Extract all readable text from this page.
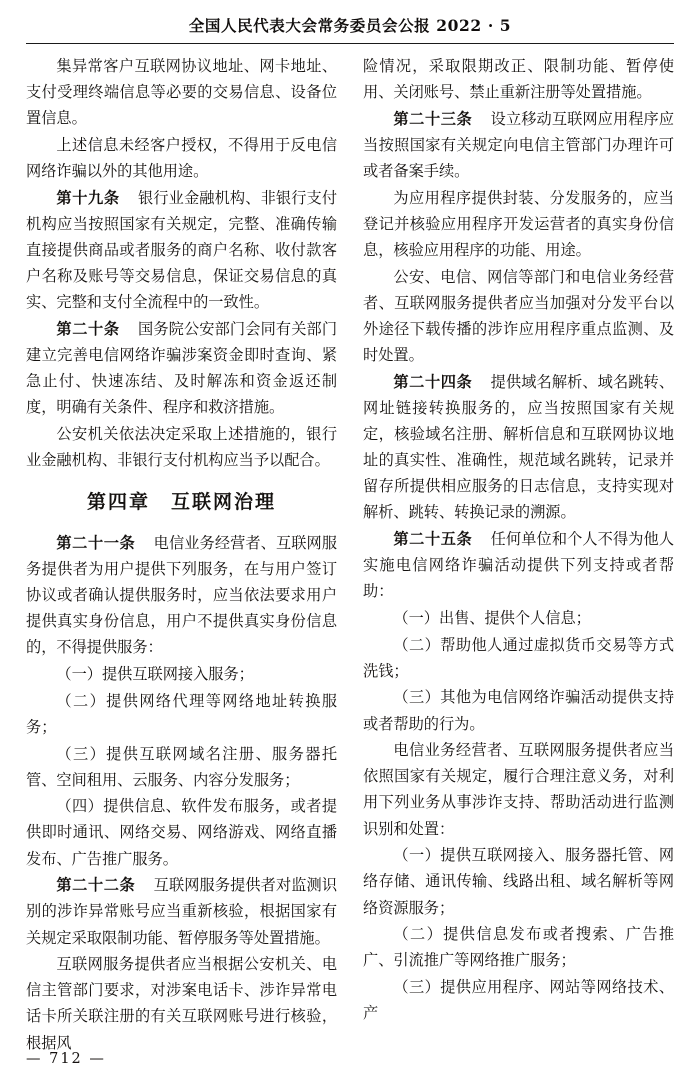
全国人民代表大会常务委员会公报 2022 · 5

集异常客户互联网协议地址、网卡地址、支付受理终端信息等必要的交易信息、设备位置信息。

上述信息未经客户授权，不得用于反电信网络诈骗以外的其他用途。

第十九条　 银行业金融机构、非银行支付机构应当按照国家有关规定，完整、准确传输直接提供商品或者服务的商户名称、收付款客户名称及账号等交易信息，保证交易信息的真实、完整和支付全流程中的一致性。

第二十条　 国务院公安部门会同有关部门建立完善电信网络诈骗涉案资金即时查询、紧急止付、快速冻结、及时解冻和资金返还制度，明确有关条件、程序和救济措施。

公安机关依法决定采取上述措施的，银行业金融机构、非银行支付机构应当予以配合。

第四章 互联网治理

第二十一条　 电信业务经营者、互联网服务提供者为用户提供下列服务，在与用户签订协议或者确认提供服务时，应当依法要求用户提供真实身份信息，用户不提供真实身份信息的，不得提供服务：

（一）提供互联网接入服务；

（二）提供网络代理等网络地址转换服务；

（三）提供互联网域名注册、服务器托管、空间租用、云服务、内容分发服务；

（四）提供信息、软件发布服务，或者提供即时通讯、网络交易、网络游戏、网络直播发布、广告推广服务。

第二十二条　 互联网服务提供者对监测识别的涉诈异常账号应当重新核验，根据国家有关规定采取限制功能、暂停服务等处置措施。

互联网服务提供者应当根据公安机关、电信主管部门要求，对涉案电话卡、涉诈异常电话卡所关联注册的有关互联网账号进行核验，根据风

险情况，采取限期改正、限制功能、暂停使用、关闭账号、禁止重新注册等处置措施。

第二十三条　 设立移动互联网应用程序应当按照国家有关规定向电信主管部门办理许可或者备案手续。

为应用程序提供封装、分发服务的，应当登记并核验应用程序开发运营者的真实身份信息，核验应用程序的功能、用途。

公安、电信、网信等部门和电信业务经营者、互联网服务提供者应当加强对分发平台以外途径下载传播的涉诈应用程序重点监测、及时处置。

第二十四条　 提供域名解析、域名跳转、网址链接转换服务的，应当按照国家有关规定，核验域名注册、解析信息和互联网协议地址的真实性、准确性，规范域名跳转，记录并留存所提供相应服务的日志信息，支持实现对解析、跳转、转换记录的溯源。

第二十五条　 任何单位和个人不得为他人实施电信网络诈骗活动提供下列支持或者帮助：

（一）出售、提供个人信息；

（二）帮助他人通过虚拟货币交易等方式洗钱；

（三）其他为电信网络诈骗活动提供支持或者帮助的行为。

电信业务经营者、互联网服务提供者应当依照国家有关规定，履行合理注意义务，对利用下列业务从事涉诈支持、帮助活动进行监测识别和处置：

（一）提供互联网接入、服务器托管、网络存储、通讯传输、线路出租、域名解析等网络资源服务；

（二）提供信息发布或者搜索、广告推广、引流推广等网络推广服务；

（三）提供应用程序、网站等网络技术、产

— 712 —
